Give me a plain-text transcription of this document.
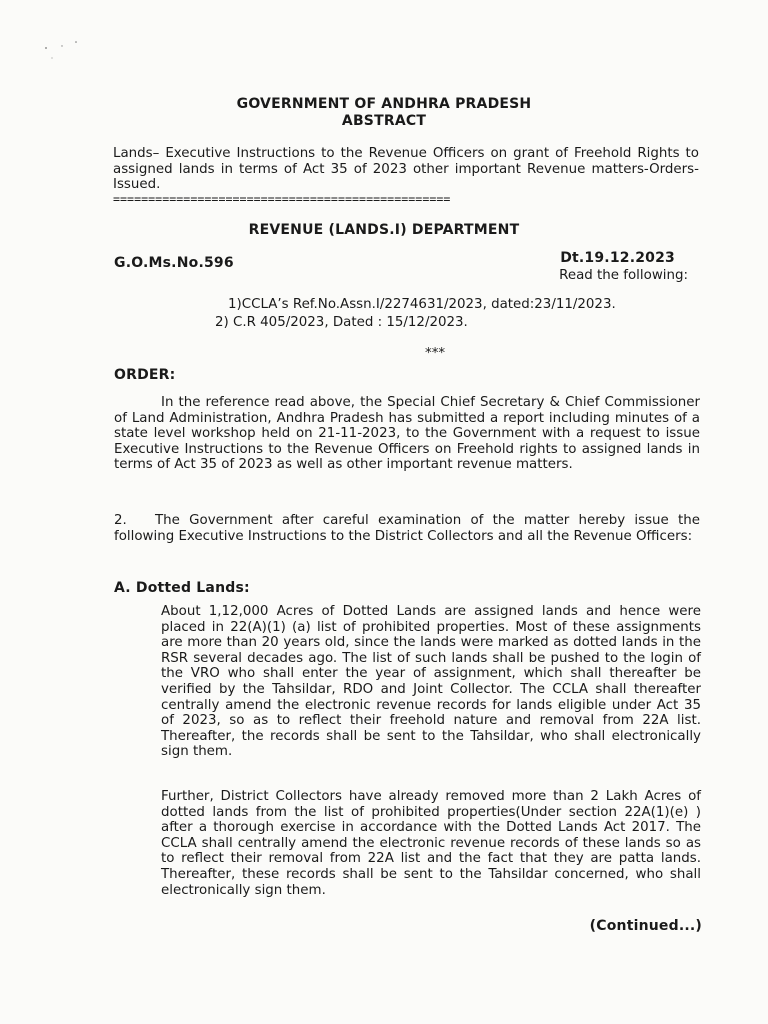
GOVERNMENT OF ANDHRA PRADESH

ABSTRACT

Lands– Executive Instructions to the Revenue Officers on grant of Freehold Rights to assigned lands in terms of Act 35 of 2023 other important Revenue matters-Orders-Issued.

================================================

REVENUE (LANDS.I) DEPARTMENT

G.O.Ms.No.596	Dt.19.12.2023

Read the following:

1)CCLA’s Ref.No.Assn.I/2274631/2023, dated:23/11/2023.

2) C.R 405/2023, Dated : 15/12/2023.

***

ORDER:

In the reference read above, the Special Chief Secretary & Chief Commissioner of Land Administration, Andhra Pradesh has submitted a report including minutes of a state level workshop held on 21-11-2023, to the Government with a request to issue Executive Instructions to the Revenue Officers on Freehold rights to assigned lands in terms of Act 35 of 2023 as well as other important revenue matters.

2.	The Government after careful examination of the matter hereby issue the following Executive Instructions to the District Collectors and all the Revenue Officers:

A. Dotted Lands:

About 1,12,000 Acres of Dotted Lands are assigned lands and hence were placed in 22(A)(1) (a) list of prohibited properties. Most of these assignments are more than 20 years old, since the lands were marked as dotted lands in the RSR several decades ago. The list of such lands shall be pushed to the login of the VRO who shall enter the year of assignment, which shall thereafter be verified by the Tahsildar, RDO and Joint Collector. The CCLA shall thereafter centrally amend the electronic revenue records for lands eligible under Act 35 of 2023, so as to reflect their freehold nature and removal from 22A list. Thereafter, the records shall be sent to the Tahsildar, who shall electronically sign them.

Further, District Collectors have already removed more than 2 Lakh Acres of dotted lands from the list of prohibited properties(Under section 22A(1)(e) ) after a thorough exercise in accordance with the Dotted Lands Act 2017. The CCLA shall centrally amend the electronic revenue records of these lands so as to reflect their removal from 22A list and the fact that they are patta lands. Thereafter, these records shall be sent to the Tahsildar concerned, who shall electronically sign them.

(Continued...)
